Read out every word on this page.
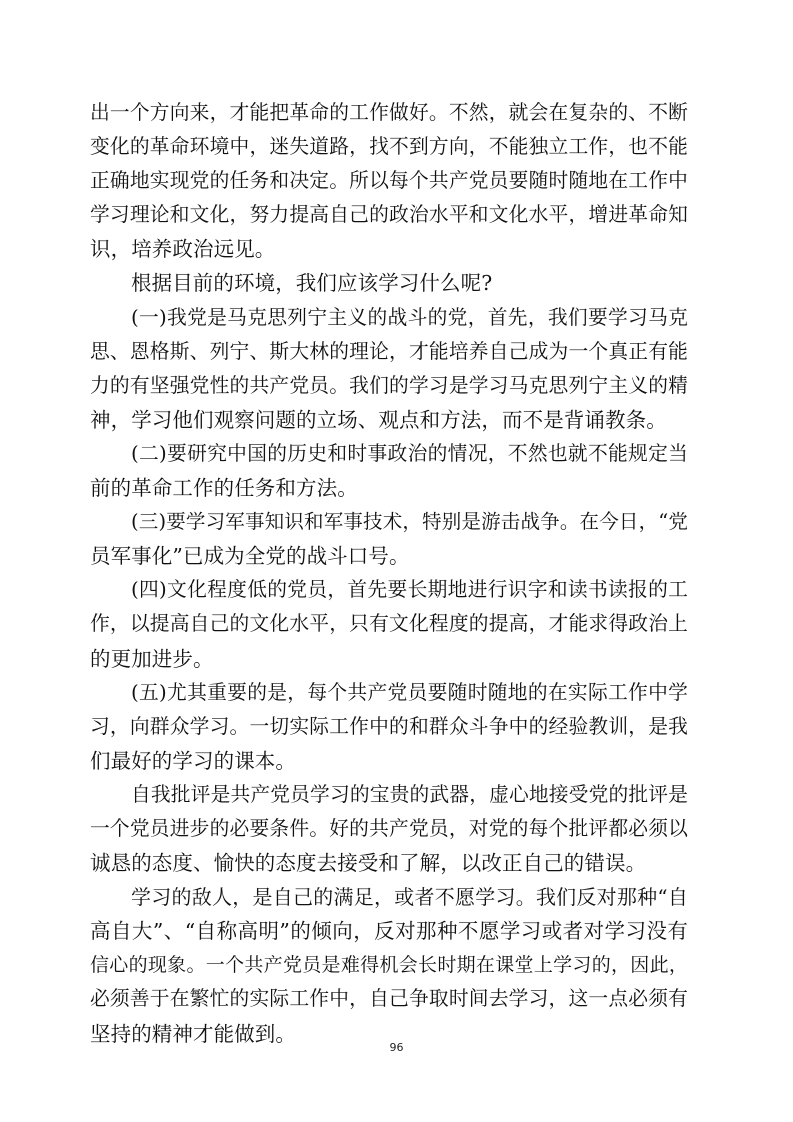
出一个方向来，才能把革命的工作做好。不然，就会在复杂的、不断
变化的革命环境中，迷失道路，找不到方向，不能独立工作，也不能
正确地实现党的任务和决定。所以每个共产党员要随时随地在工作中
学习理论和文化，努力提高自己的政治水平和文化水平，增进革命知
识，培养政治远见。
根据目前的环境，我们应该学习什么呢?
(一)我党是马克思列宁主义的战斗的党，首先，我们要学习马克
思、恩格斯、列宁、斯大林的理论，才能培养自己成为一个真正有能
力的有坚强党性的共产党员。我们的学习是学习马克思列宁主义的精
神，学习他们观察问题的立场、观点和方法，而不是背诵教条。
(二)要研究中国的历史和时事政治的情况，不然也就不能规定当
前的革命工作的任务和方法。
(三)要学习军事知识和军事技术，特别是游击战争。在今日，“党
员军事化”已成为全党的战斗口号。
(四)文化程度低的党员，首先要长期地进行识字和读书读报的工
作，以提高自己的文化水平，只有文化程度的提高，才能求得政治上
的更加进步。
(五)尤其重要的是，每个共产党员要随时随地的在实际工作中学
习，向群众学习。一切实际工作中的和群众斗争中的经验教训，是我
们最好的学习的课本。
自我批评是共产党员学习的宝贵的武器，虚心地接受党的批评是
一个党员进步的必要条件。好的共产党员，对党的每个批评都必须以
诚恳的态度、愉快的态度去接受和了解，以改正自己的错误。
学习的敌人，是自己的满足，或者不愿学习。我们反对那种“自
高自大”、“自称高明”的倾向，反对那种不愿学习或者对学习没有
信心的现象。一个共产党员是难得机会长时期在课堂上学习的，因此，
必须善于在繁忙的实际工作中，自己争取时间去学习，这一点必须有
坚持的精神才能做到。
96
